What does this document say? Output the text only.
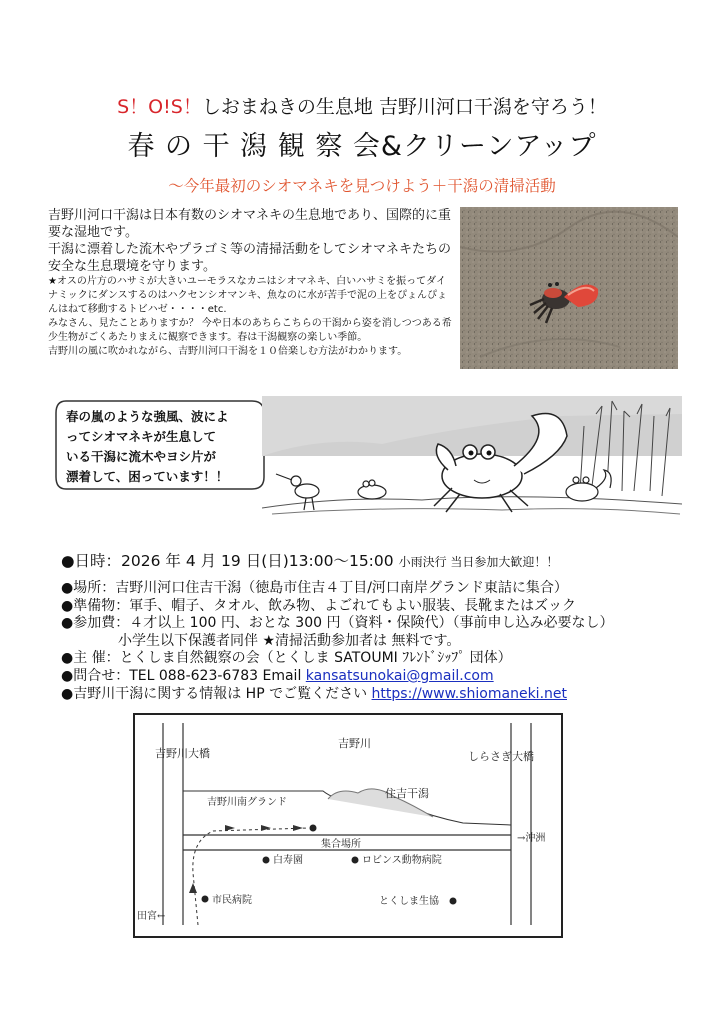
S！O!S！しおまねきの生息地 吉野川河口干潟を守ろう！
春 の 干 潟 観 察 会&クリーンアップ
～今年最初のシオマネキを見つけよう＋干潟の清掃活動
吉野川河口干潟は日本有数のシオマネキの生息地であり、国際的に重要な湿地です。
干潟に漂着した流木やプラゴミ等の清掃活動をしてシオマネキたちの安全な生息環境を守ります。
★オスの片方のハサミが大きいユーモラスなカニはシオマネキ、白いハサミを振ってダイナミックにダンスするのはハクセンシオマンキ、魚なのに水が苦手で泥の上をぴょんぴょんはねて移動するトビハゼ・・・・etc.
みなさん、見たことありますか？ 今や日本のあちらこちらの干潟から姿を消しつつある希少生物がごくあたりまえに観察できます。春は干潟観察の楽しい季節。
吉野川の風に吹かれながら、吉野川河口干潟を１０倍楽しむ方法がわかります。
春の嵐のような強風、波によ
ってシオマネキが生息して
いる干潟に流木やヨシ片が
漂着して、困っています！！
●日時：2026 年 4 月 19 日(日)13:00～15:00 小雨決行 当日参加大歓迎！！
●場所：吉野川河口住吉干潟（徳島市住吉４丁目/河口南岸グランド東詰に集合）
●準備物：軍手、帽子、タオル、飲み物、よごれてもよい服装、長靴またはズック
●参加費：４才以上 100 円、おとな 300 円（資料・保険代）（事前申し込み必要なし）
小学生以下保護者同伴 ★清掃活動参加者は 無料です。
●主 催：とくしま自然観察の会（とくしま SATOUMI ﾌﾚﾝﾄﾞｼｯﾌﾟ 団体）
●問合せ：TEL 088-623-6783 Email kansatsunokai@gmail.com
●吉野川干潟に関する情報は HP でご覧ください https://www.shiomaneki.net
吉野川
吉野川大橋	しらさぎ大橋
吉野川南グランド
住吉干潟
集合場所
白寿園	ロビンス動物病院
市民病院	とくしま生協
田宮←
→沖洲
